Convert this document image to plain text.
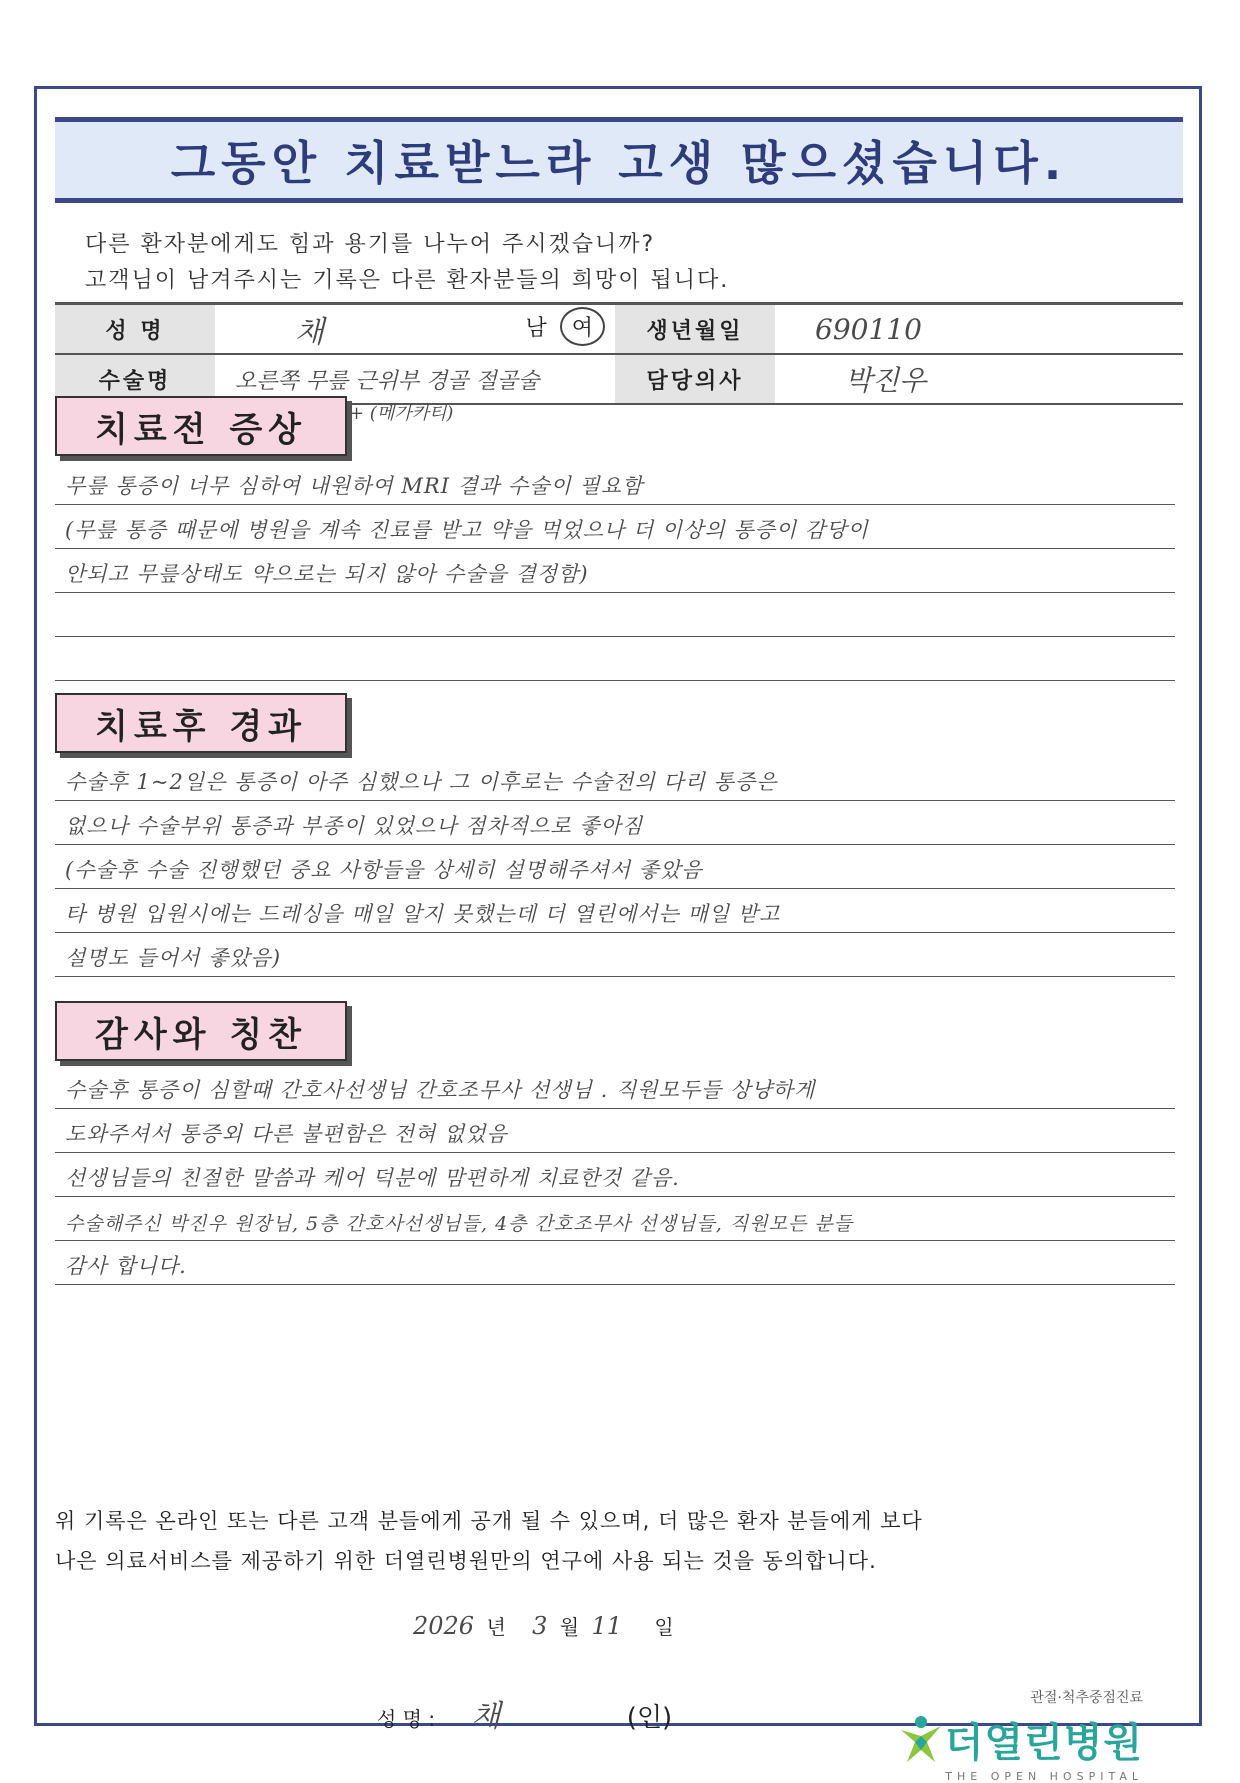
그동안 치료받느라 고생 많으셨습니다.
다른 환자분에게도 힘과 용기를 나누어 주시겠습니까?
고객님이 남겨주시는 기록은 다른 환자분들의 희망이 됩니다.
성 명	채 남 여	생년월일	690110
수술명	오른쪽 무릎 근위부 경골 절골술	담당의사	박진우
+ (메가카티)
치료전 증상
무릎 통증이 너무 심하여 내원하여 MRI 결과 수술이 필요함
(무릎 통증 때문에 병원을 계속 진료를 받고 약을 먹었으나 더 이상의 통증이 감당이
안되고 무릎상태도 약으로는 되지 않아 수술을 결정함)
치료후 경과
수술후 1~2일은 통증이 아주 심했으나 그 이후로는 수술전의 다리 통증은
없으나 수술부위 통증과 부종이 있었으나 점차적으로 좋아짐
(수술후 수술 진행했던 중요 사항들을 상세히 설명해주셔서 좋았음
타 병원 입원시에는 드레싱을 매일 알지 못했는데 더 열린에서는 매일 받고
설명도 들어서 좋았음)
감사와 칭찬
수술후 통증이 심할때 간호사선생님 간호조무사 선생님 . 직원모두들 상냥하게
도와주셔서 통증외 다른 불편함은 전혀 없었음
선생님들의 친절한 말씀과 케어 덕분에 맘편하게 치료한것 같음.
수술해주신 박진우 원장님, 5층 간호사선생님들, 4층 간호조무사 선생님들, 직원모든 분들
감사 합니다.
위 기록은 온라인 또는 다른 고객 분들에게 공개 될 수 있으며, 더 많은 환자 분들에게 보다
나은 의료서비스를 제공하기 위한 더열린병원만의 연구에 사용 되는 것을 동의합니다.
2026 년 3 월 11 일
성 명 : 채	(인)
관절·척추중점진료
더열린병원
THE OPEN HOSPITAL
